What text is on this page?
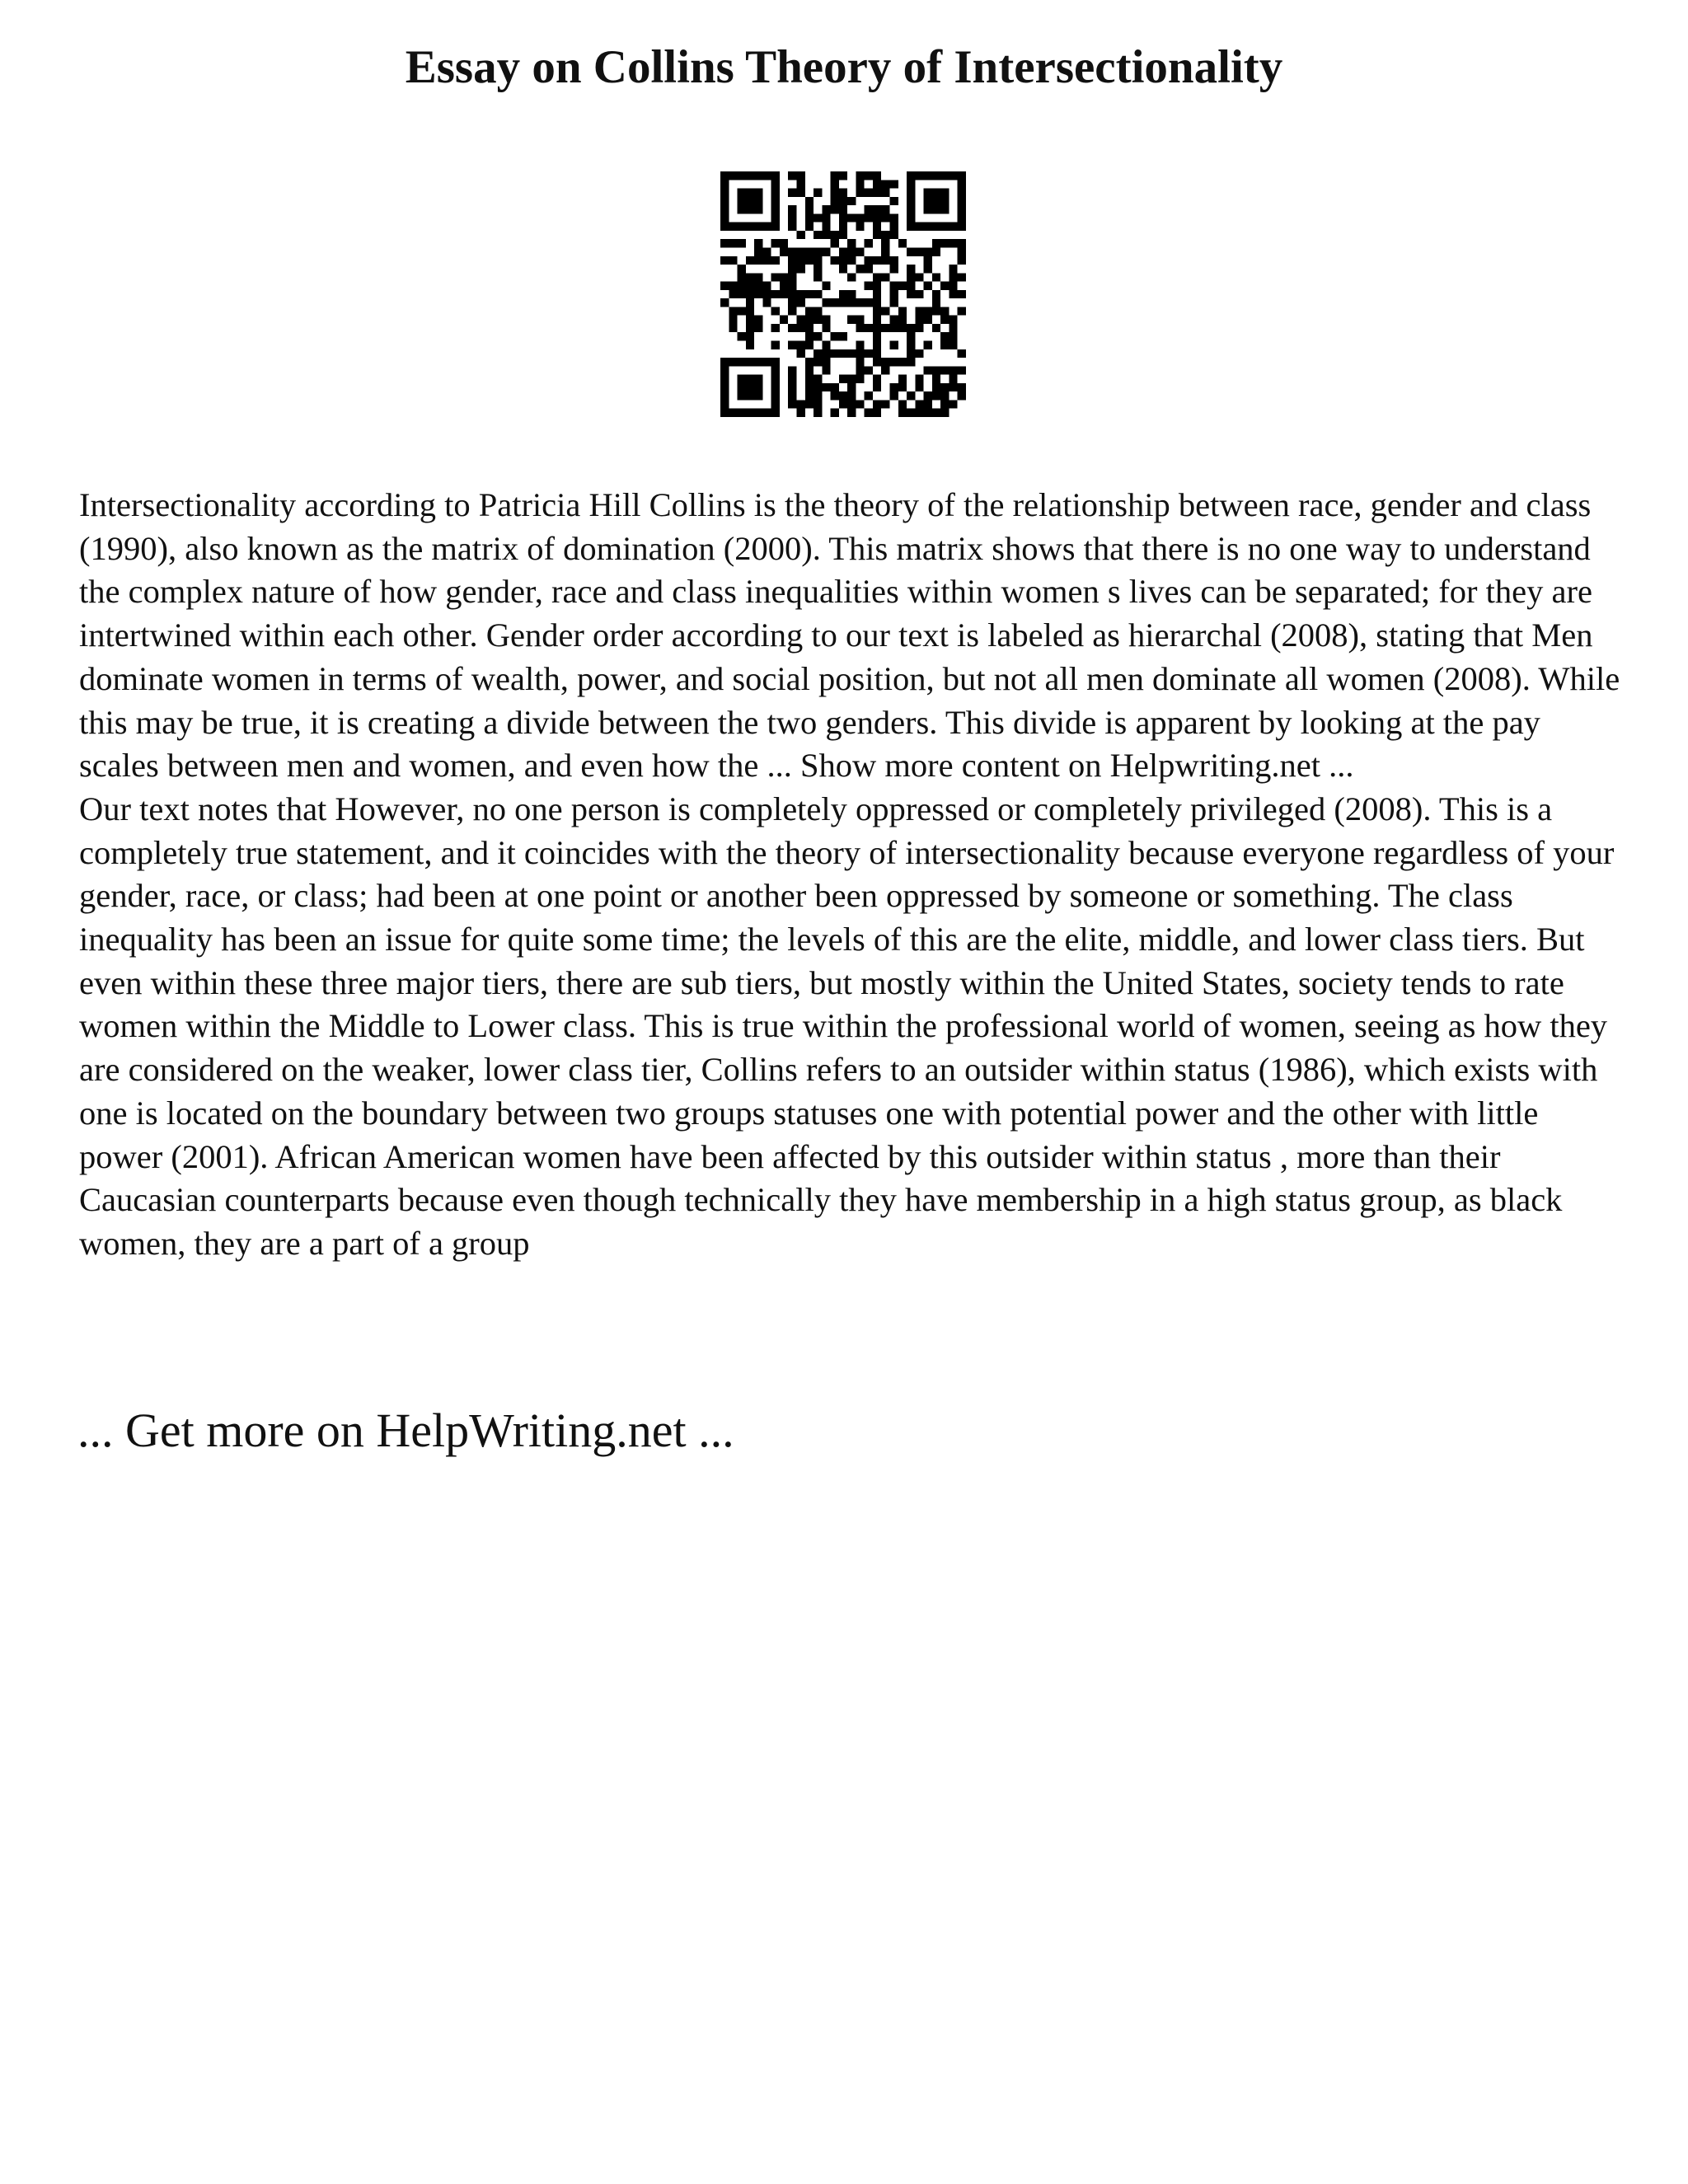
Essay on Collins Theory of Intersectionality

Intersectionality according to Patricia Hill Collins is the theory of the relationship between race, gender and class (1990), also known as the matrix of domination (2000). This matrix shows that there is no one way to understand the complex nature of how gender, race and class inequalities within women s lives can be separated; for they are intertwined within each other. Gender order according to our text is labeled as hierarchal (2008), stating that Men dominate women in terms of wealth, power, and social position, but not all men dominate all women (2008). While this may be true, it is creating a divide between the two genders. This divide is apparent by looking at the pay scales between men and women, and even how the ... Show more content on Helpwriting.net ...

Our text notes that However, no one person is completely oppressed or completely privileged (2008). This is a completely true statement, and it coincides with the theory of intersectionality because everyone regardless of your gender, race, or class; had been at one point or another been oppressed by someone or something. The class inequality has been an issue for quite some time; the levels of this are the elite, middle, and lower class tiers. But even within these three major tiers, there are sub tiers, but mostly within the United States, society tends to rate women within the Middle to Lower class. This is true within the professional world of women, seeing as how they are considered on the weaker, lower class tier, Collins refers to an outsider within status (1986), which exists with one is located on the boundary between two groups statuses one with potential power and the other with little power (2001). African American women have been affected by this outsider within status , more than their Caucasian counterparts because even though technically they have membership in a high status group, as black women, they are a part of a group

... Get more on HelpWriting.net ...
